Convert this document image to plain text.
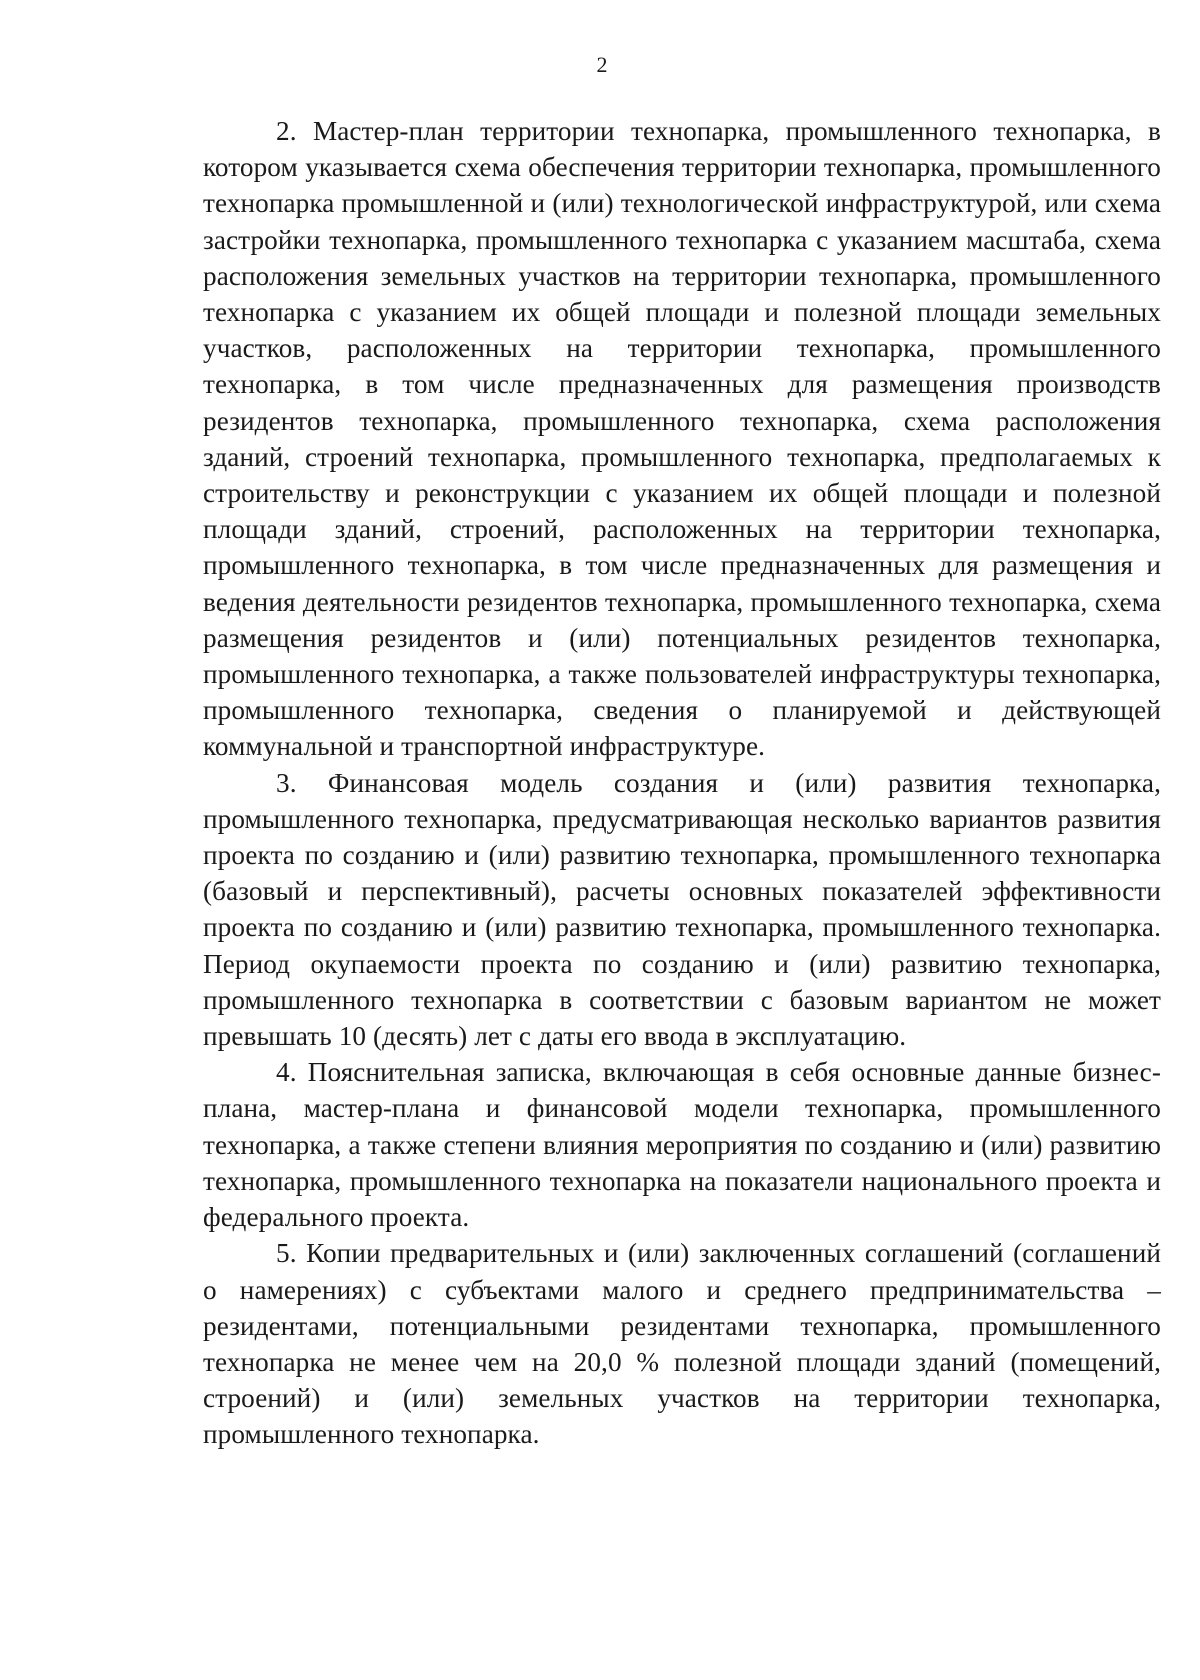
2

2. Мастер-план территории технопарка, промышленного технопарка, в котором указывается схема обеспечения территории технопарка, промышленного технопарка промышленной и (или) технологической инфраструктурой, или схема застройки технопарка, промышленного технопарка с указанием масштаба, схема расположения земельных участков на территории технопарка, промышленного технопарка с указанием их общей площади и полезной площади земельных участков, расположенных на территории технопарка, промышленного технопарка, в том числе предназначенных для размещения производств резидентов технопарка, промышленного технопарка, схема расположения зданий, строений технопарка, промышленного технопарка, предполагаемых к строительству и реконструкции с указанием их общей площади и полезной площади зданий, строений, расположенных на территории технопарка, промышленного технопарка, в том числе предназначенных для размещения и ведения деятельности резидентов технопарка, промышленного технопарка, схема размещения резидентов и (или) потенциальных резидентов технопарка, промышленного технопарка, а также пользователей инфраструктуры технопарка, промышленного технопарка, сведения о планируемой и действующей коммунальной и транспортной инфраструктуре.

3. Финансовая модель создания и (или) развития технопарка, промышленного технопарка, предусматривающая несколько вариантов развития проекта по созданию и (или) развитию технопарка, промышленного технопарка (базовый и перспективный), расчеты основных показателей эффективности проекта по созданию и (или) развитию технопарка, промышленного технопарка. Период окупаемости проекта по созданию и (или) развитию технопарка, промышленного технопарка в соответствии с базовым вариантом не может превышать 10 (десять) лет с даты его ввода в эксплуатацию.

4. Пояснительная записка, включающая в себя основные данные бизнес-плана, мастер-плана и финансовой модели технопарка, промышленного технопарка, а также степени влияния мероприятия по созданию и (или) развитию технопарка, промышленного технопарка на показатели национального проекта и федерального проекта.

5. Копии предварительных и (или) заключенных соглашений (соглашений о намерениях) с субъектами малого и среднего предпринимательства – резидентами, потенциальными резидентами технопарка, промышленного технопарка не менее чем на 20,0 % полезной площади зданий (помещений, строений) и (или) земельных участков на территории технопарка, промышленного технопарка.
